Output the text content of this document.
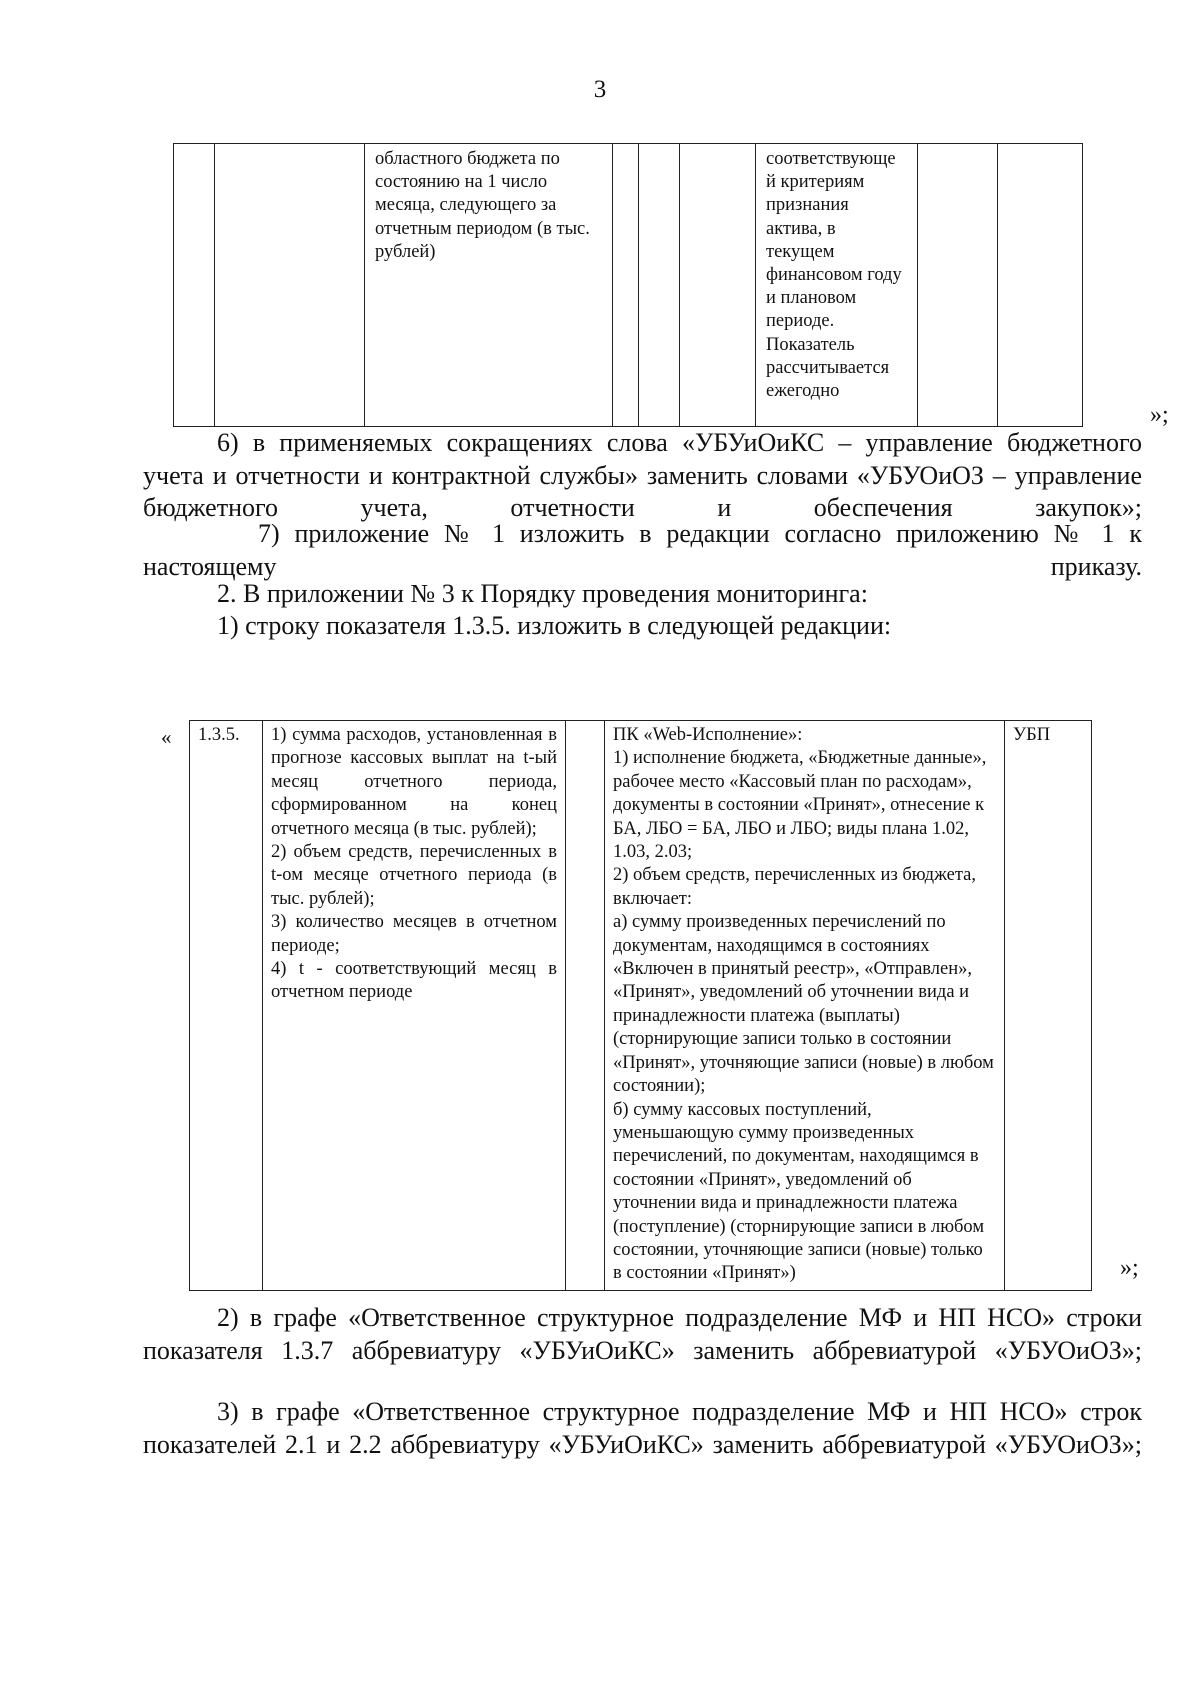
3
		областного бюджета по
состоянию на 1 число
месяца, следующего за
отчетным периодом (в тыс.
рублей)				соответствующе
й критериям
признания
актива, в
текущем
финансовом году
и плановом
периоде.
Показатель
рассчитывается
ежегодно		
»;
6) в применяемых сокращениях слова «УБУиОиКС – управление бюджетного учета и отчетности и контрактной службы» заменить словами «УБУОиОЗ – управление бюджетного учета, отчетности и обеспечения закупок»;
7) приложение № 1 изложить в редакции согласно приложению № 1 к настоящему приказу.
2. В приложении № 3 к Порядку проведения мониторинга:
1) строку показателя 1.3.5. изложить в следующей редакции:
« 1.3.5.	1) сумма расходов, установленная в прогнозе кассовых выплат на t-ый месяц отчетного периода, сформированном на конец отчетного месяца (в тыс. рублей);
2) объем средств, перечисленных в t-ом месяце отчетного периода (в тыс. рублей);
3) количество месяцев в отчетном периоде;
4) t - соответствующий месяц в отчетном периоде		ПК «Web-Исполнение»:
1) исполнение бюджета, «Бюджетные данные», рабочее место «Кассовый план по расходам», документы в состоянии «Принят», отнесение к БА, ЛБО = БА, ЛБО и ЛБО; виды плана 1.02, 1.03, 2.03;
2) объем средств, перечисленных из бюджета, включает:
а) сумму произведенных перечислений по документам, находящимся в состояниях «Включен в принятый реестр», «Отправлен», «Принят», уведомлений об уточнении вида и принадлежности платежа (выплаты) (сторнирующие записи только в состоянии «Принят», уточняющие записи (новые) в любом состоянии);
б) сумму кассовых поступлений, уменьшающую сумму произведенных перечислений, по документам, находящимся в состоянии «Принят», уведомлений об уточнении вида и принадлежности платежа (поступление) (сторнирующие записи в любом состоянии, уточняющие записи (новые) только в состоянии «Принят»)	УБП
»;
2) в графе «Ответственное структурное подразделение МФ и НП НСО» строки показателя 1.3.7 аббревиатуру «УБУиОиКС» заменить аббревиатурой «УБУОиОЗ»;
3) в графе «Ответственное структурное подразделение МФ и НП НСО» строк показателей 2.1 и 2.2 аббревиатуру «УБУиОиКС» заменить аббревиатурой «УБУОиОЗ»;
